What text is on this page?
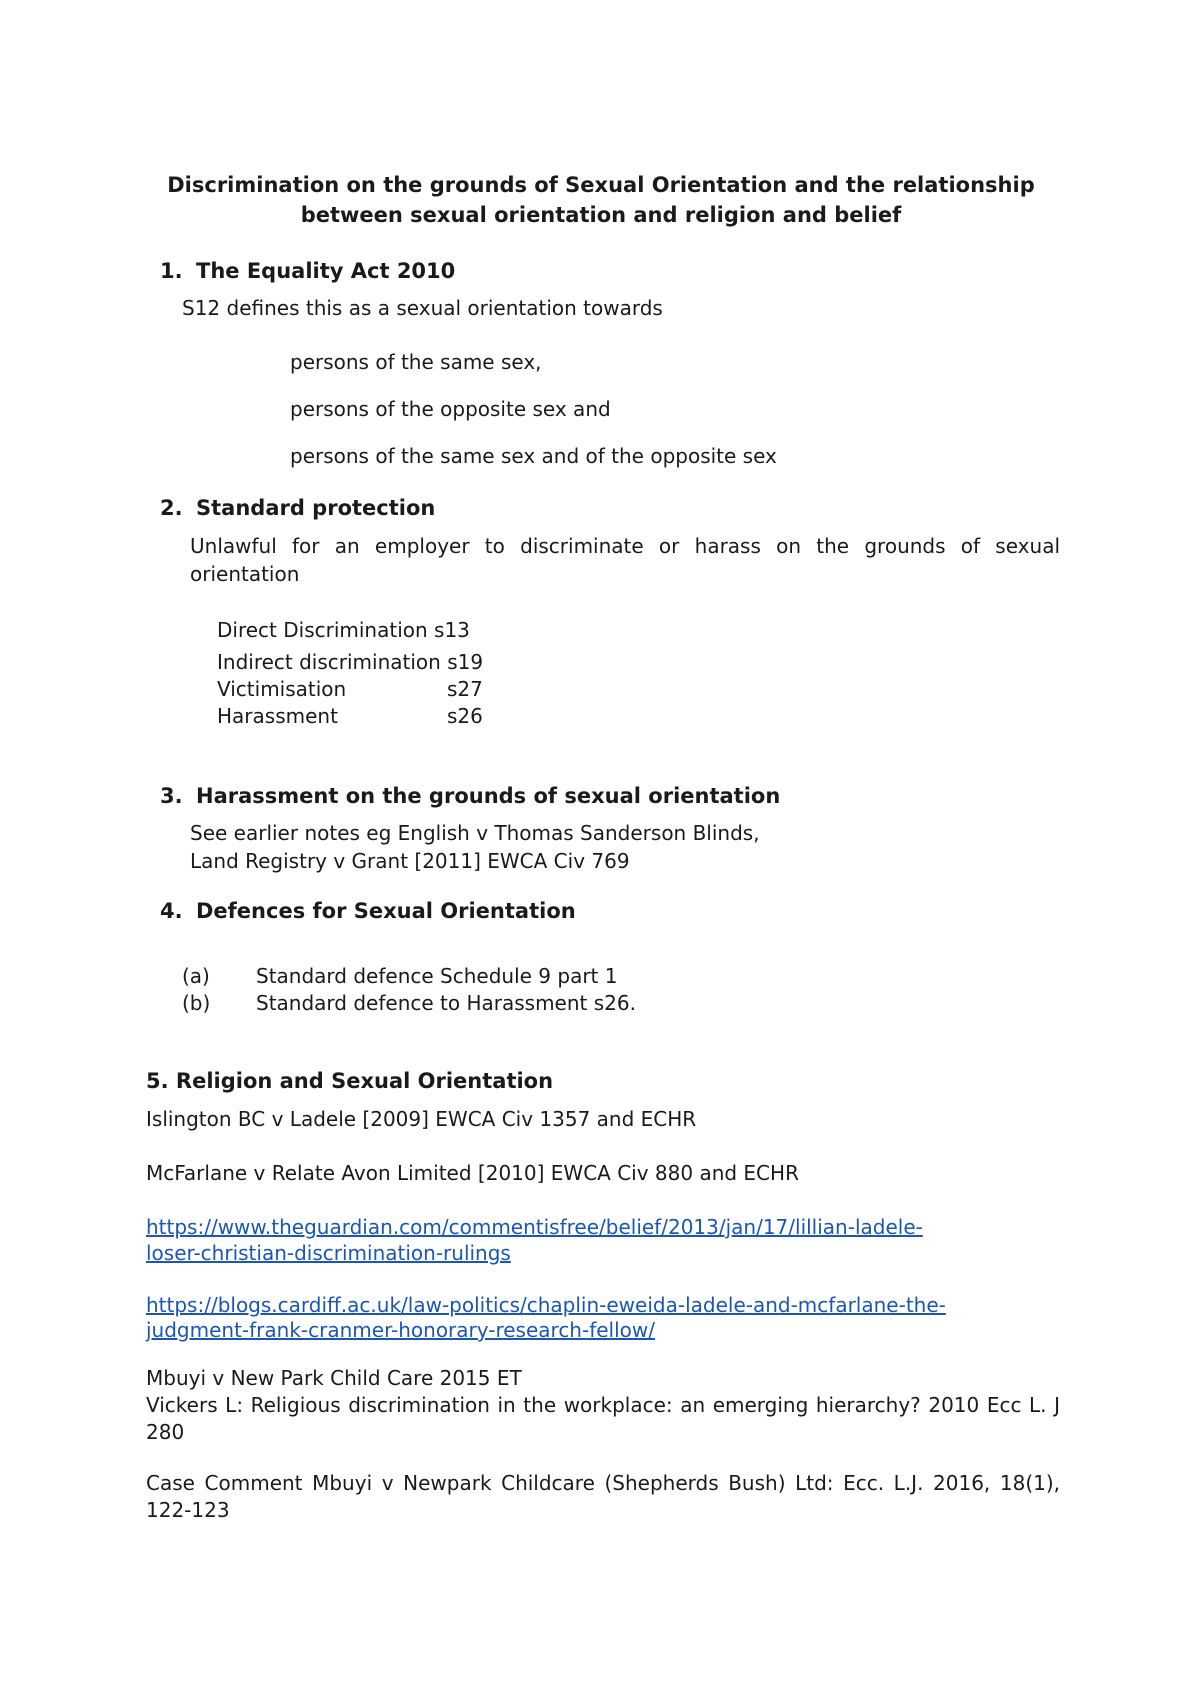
Discrimination on the grounds of Sexual Orientation and the relationship between sexual orientation and religion and belief
1. The Equality Act 2010
S12 defines this as a sexual orientation towards
persons of the same sex,
persons of the opposite sex and
persons of the same sex and of the opposite sex
2. Standard protection
Unlawful for an employer to discriminate or harass on the grounds of sexual orientation
Direct Discrimination s13
Indirect discrimination s19
Victimisation	s27
Harassment	s26
3. Harassment on the grounds of sexual orientation
See earlier notes eg English v Thomas Sanderson Blinds,
Land Registry v Grant [2011] EWCA Civ 769
4. Defences for Sexual Orientation
(a)	Standard defence Schedule 9 part 1
(b)	Standard defence to Harassment s26.
5. Religion and Sexual Orientation
Islington BC v Ladele [2009] EWCA Civ 1357 and ECHR
McFarlane v Relate Avon Limited [2010] EWCA Civ 880 and ECHR
https://www.theguardian.com/commentisfree/belief/2013/jan/17/lillian-ladele-
loser-christian-discrimination-rulings
https://blogs.cardiff.ac.uk/law-politics/chaplin-eweida-ladele-and-mcfarlane-the-
judgment-frank-cranmer-honorary-research-fellow/
Mbuyi v New Park Child Care 2015 ET
Vickers L: Religious discrimination in the workplace: an emerging hierarchy? 2010 Ecc L. J 280
Case Comment Mbuyi v Newpark Childcare (Shepherds Bush) Ltd: Ecc. L.J. 2016, 18(1), 122-123
